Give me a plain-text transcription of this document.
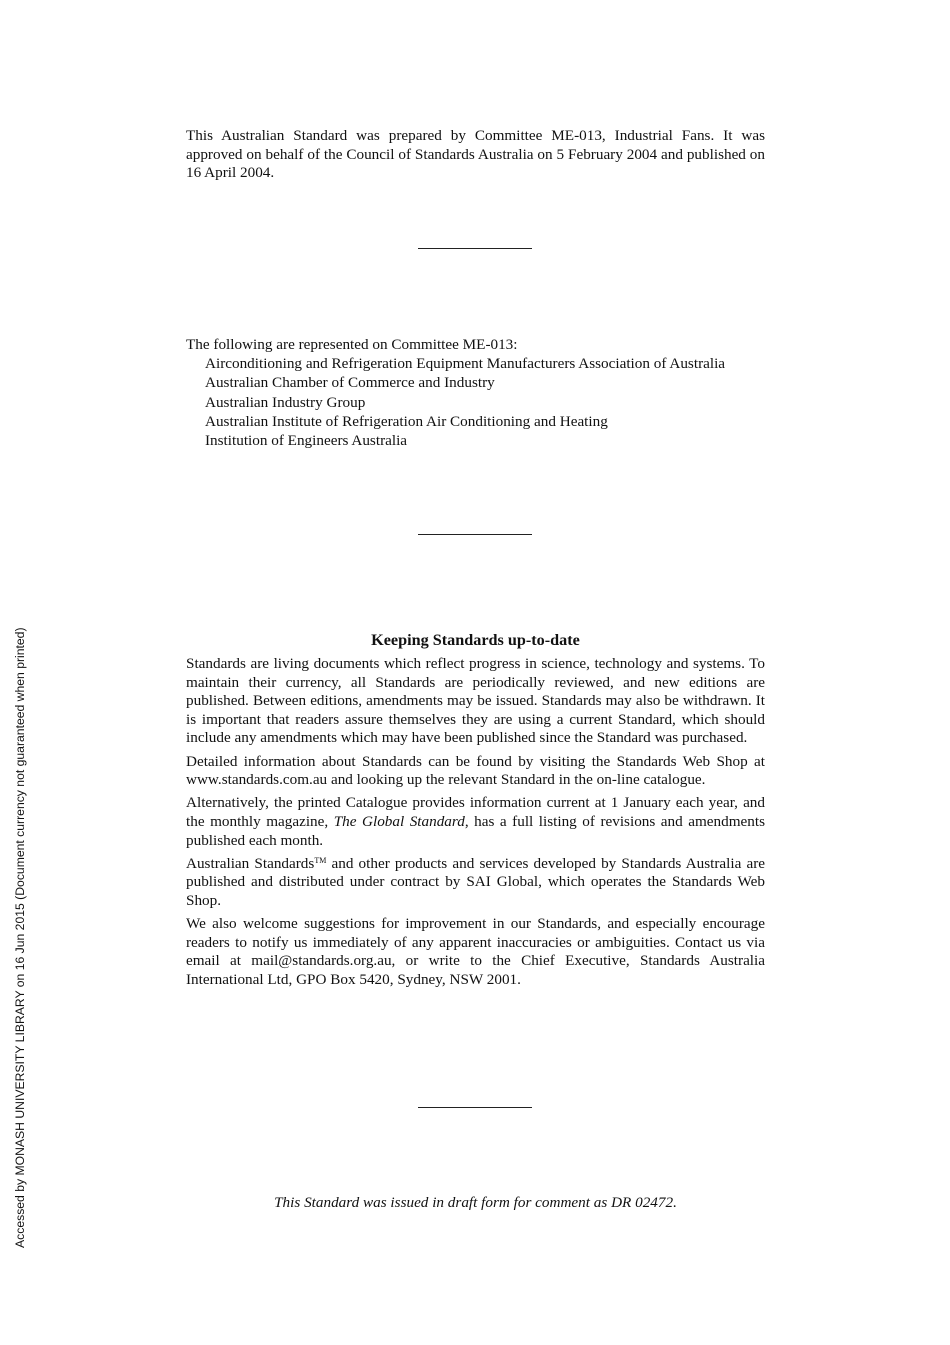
This Australian Standard was prepared by Committee ME-013, Industrial Fans. It was approved on behalf of the Council of Standards Australia on 5 February 2004 and published on 16 April 2004.
The following are represented on Committee ME-013:
Airconditioning and Refrigeration Equipment Manufacturers Association of Australia
Australian Chamber of Commerce and Industry
Australian Industry Group
Australian Institute of Refrigeration Air Conditioning and Heating
Institution of Engineers Australia
Keeping Standards up-to-date

Standards are living documents which reflect progress in science, technology and systems. To maintain their currency, all Standards are periodically reviewed, and new editions are published. Between editions, amendments may be issued. Standards may also be withdrawn. It is important that readers assure themselves they are using a current Standard, which should include any amendments which may have been published since the Standard was purchased.

Detailed information about Standards can be found by visiting the Standards Web Shop at www.standards.com.au and looking up the relevant Standard in the on-line catalogue.

Alternatively, the printed Catalogue provides information current at 1 January each year, and the monthly magazine, The Global Standard, has a full listing of revisions and amendments published each month.

Australian Standards™ and other products and services developed by Standards Australia are published and distributed under contract by SAI Global, which operates the Standards Web Shop.

We also welcome suggestions for improvement in our Standards, and especially encourage readers to notify us immediately of any apparent inaccuracies or ambiguities. Contact us via email at mail@standards.org.au, or write to the Chief Executive, Standards Australia International Ltd, GPO Box 5420, Sydney, NSW 2001.

This Standard was issued in draft form for comment as DR 02472.
Accessed by MONASH UNIVERSITY LIBRARY on 16 Jun 2015 (Document currency not guaranteed when printed)
